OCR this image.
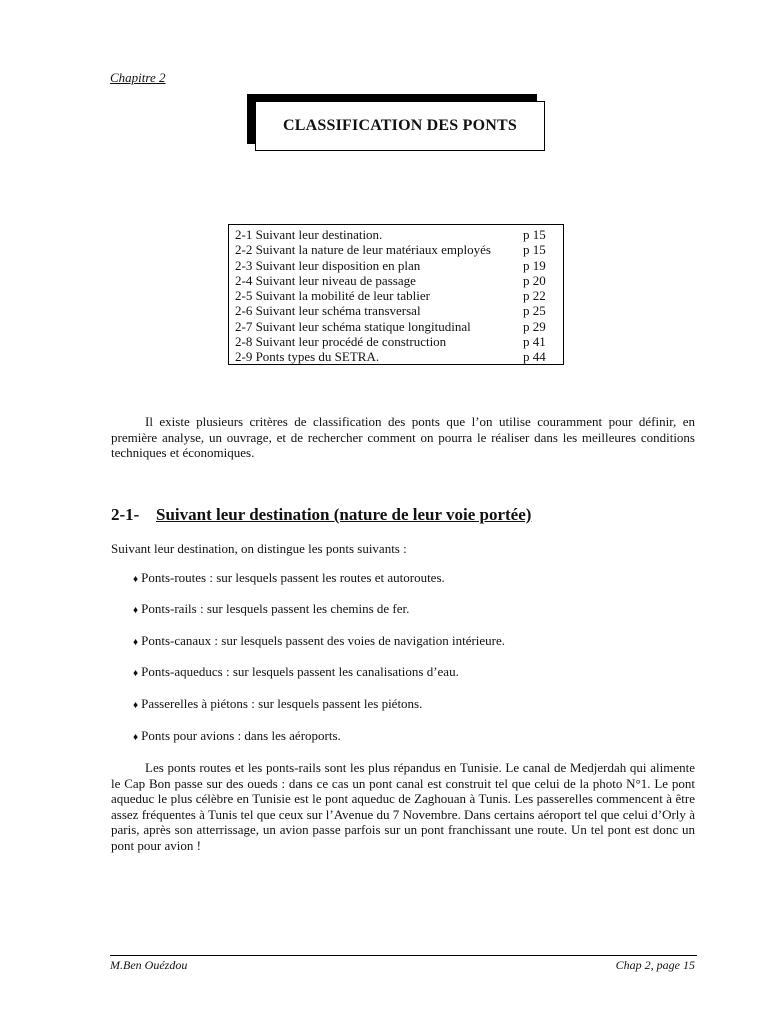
Chapitre 2
CLASSIFICATION DES PONTS
2-1 Suivant leur destination.	p 15
2-2 Suivant la nature de leur matériaux employés p 15
2-3 Suivant leur disposition en plan	p 19
2-4 Suivant leur niveau de passage	p 20
2-5 Suivant la mobilité de leur tablier	p 22
2-6 Suivant leur schéma transversal	p 25
2-7 Suivant leur schéma statique longitudinal	p 29
2-8 Suivant leur procédé de construction	p 41
2-9 Ponts types du SETRA.	p 44

Il existe plusieurs critères de classification des ponts que l’on utilise couramment pour définir, en première analyse, un ouvrage, et de rechercher comment on pourra le réaliser dans les meilleures conditions techniques et économiques.

2-1- Suivant leur destination (nature de leur voie portée)

Suivant leur destination, on distingue les ponts suivants :

♦ Ponts-routes : sur lesquels passent les routes et autoroutes.
♦ Ponts-rails : sur lesquels passent les chemins de fer.
♦ Ponts-canaux : sur lesquels passent des voies de navigation intérieure.
♦ Ponts-aqueducs : sur lesquels passent les canalisations d’eau.
♦ Passerelles à piétons : sur lesquels passent les piétons.
♦ Ponts pour avions : dans les aéroports.

Les ponts routes et les ponts-rails sont les plus répandus en Tunisie. Le canal de Medjerdah qui alimente le Cap Bon passe sur des oueds : dans ce cas un pont canal est construit tel que celui de la photo N°1. Le pont aqueduc le plus célèbre en Tunisie est le pont aqueduc de Zaghouan à Tunis. Les passerelles commencent à être assez fréquentes à Tunis tel que ceux sur l’Avenue du 7 Novembre. Dans certains aéroport tel que celui d’Orly à paris, après son atterrissage, un avion passe parfois sur un pont franchissant une route. Un tel pont est donc un pont pour avion !

M.Ben Ouézdou	Chap 2, page 15
